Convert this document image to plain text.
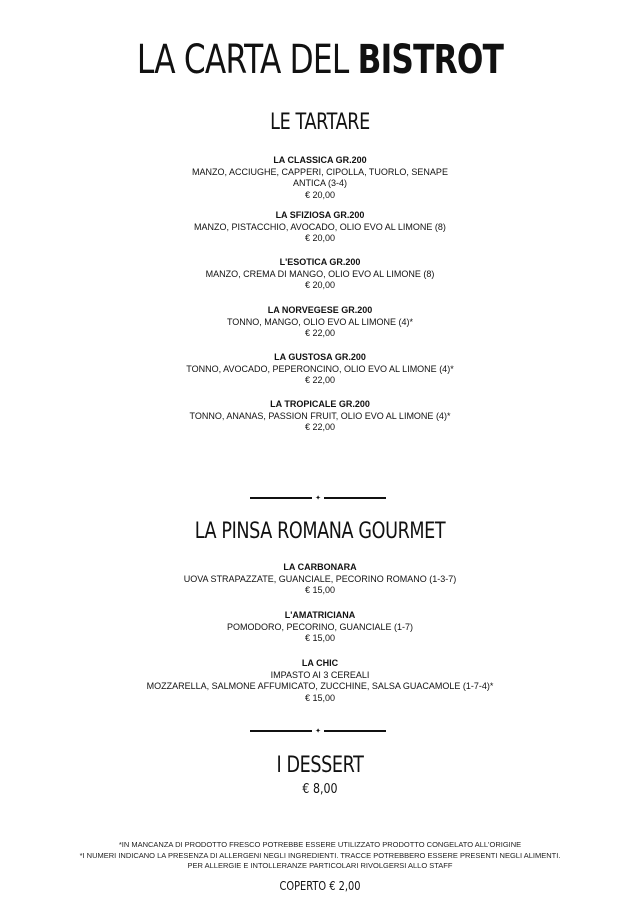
LA CARTA DEL BISTROT
LE TARTARE
LA CLASSICA GR.200
MANZO, ACCIUGHE, CAPPERI, CIPOLLA, TUORLO, SENAPE
ANTICA (3-4)
€ 20,00
LA SFIZIOSA GR.200
MANZO, PISTACCHIO, AVOCADO, OLIO EVO AL LIMONE (8)
€ 20,00
L'ESOTICA GR.200
MANZO, CREMA DI MANGO, OLIO EVO AL LIMONE (8)
€ 20,00
LA NORVEGESE GR.200
TONNO, MANGO, OLIO EVO AL LIMONE (4)*
€ 22,00
LA GUSTOSA GR.200
TONNO, AVOCADO, PEPERONCINO, OLIO EVO AL LIMONE (4)*
€ 22,00
LA TROPICALE GR.200
TONNO, ANANAS, PASSION FRUIT, OLIO EVO AL LIMONE (4)*
€ 22,00
✦
LA PINSA ROMANA GOURMET
LA CARBONARA
UOVA STRAPAZZATE, GUANCIALE, PECORINO ROMANO (1-3-7)
€ 15,00
L'AMATRICIANA
POMODORO, PECORINO, GUANCIALE (1-7)
€ 15,00
LA CHIC
IMPASTO AI 3 CEREALI
MOZZARELLA, SALMONE AFFUMICATO, ZUCCHINE, SALSA GUACAMOLE (1-7-4)*
€ 15,00
✦
I DESSERT
€ 8,00
*IN MANCANZA DI PRODOTTO FRESCO POTREBBE ESSERE UTILIZZATO PRODOTTO CONGELATO ALL'ORIGINE
*I NUMERI INDICANO LA PRESENZA DI ALLERGENI NEGLI INGREDIENTI. TRACCE POTREBBERO ESSERE PRESENTI NEGLI ALIMENTI.
PER ALLERGIE E INTOLLERANZE PARTICOLARI RIVOLGERSI ALLO STAFF
COPERTO € 2,00
